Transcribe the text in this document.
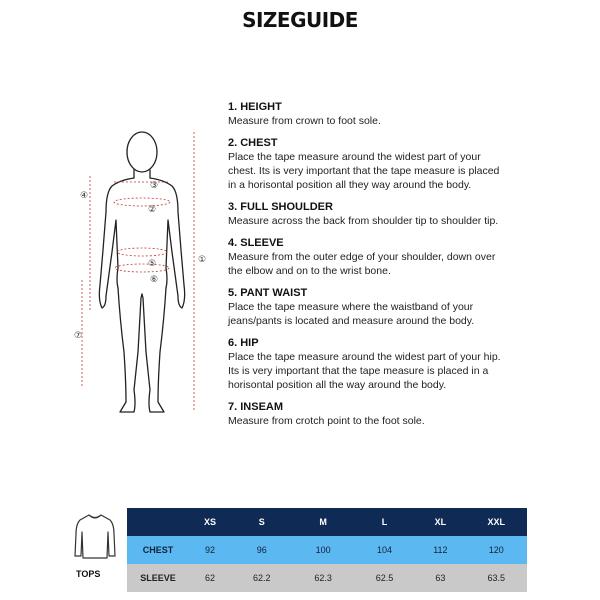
SIZEGUIDE
①
②
③
④
⑤
⑥
⑦
1. HEIGHT
Measure from crown to foot sole.
2. CHEST
Place the tape measure around the widest part of your
chest. Its is very important that the tape measure is placed
in a horisontal position all they way around the body.
3. FULL SHOULDER
Measure across the back from shoulder tip to shoulder tip.
4. SLEEVE
Measure from the outer edge of your shoulder, down over
the elbow and on to the wrist bone.
5. PANT WAIST
Place the tape measure where the waistband of your
jeans/pants is located and measure around the body.
6. HIP
Place the tape measure around the widest part of your hip.
Its is very important that the tape measure is placed in a
horisontal position all the way around the body.
7. INSEAM
Measure from crotch point to the foot sole.
TOPS
	XS	S	M	L	XL	XXL
CHEST	92	96	100	104	112	120
SLEEVE	62	62.2	62.3	62.5	63	63.5
